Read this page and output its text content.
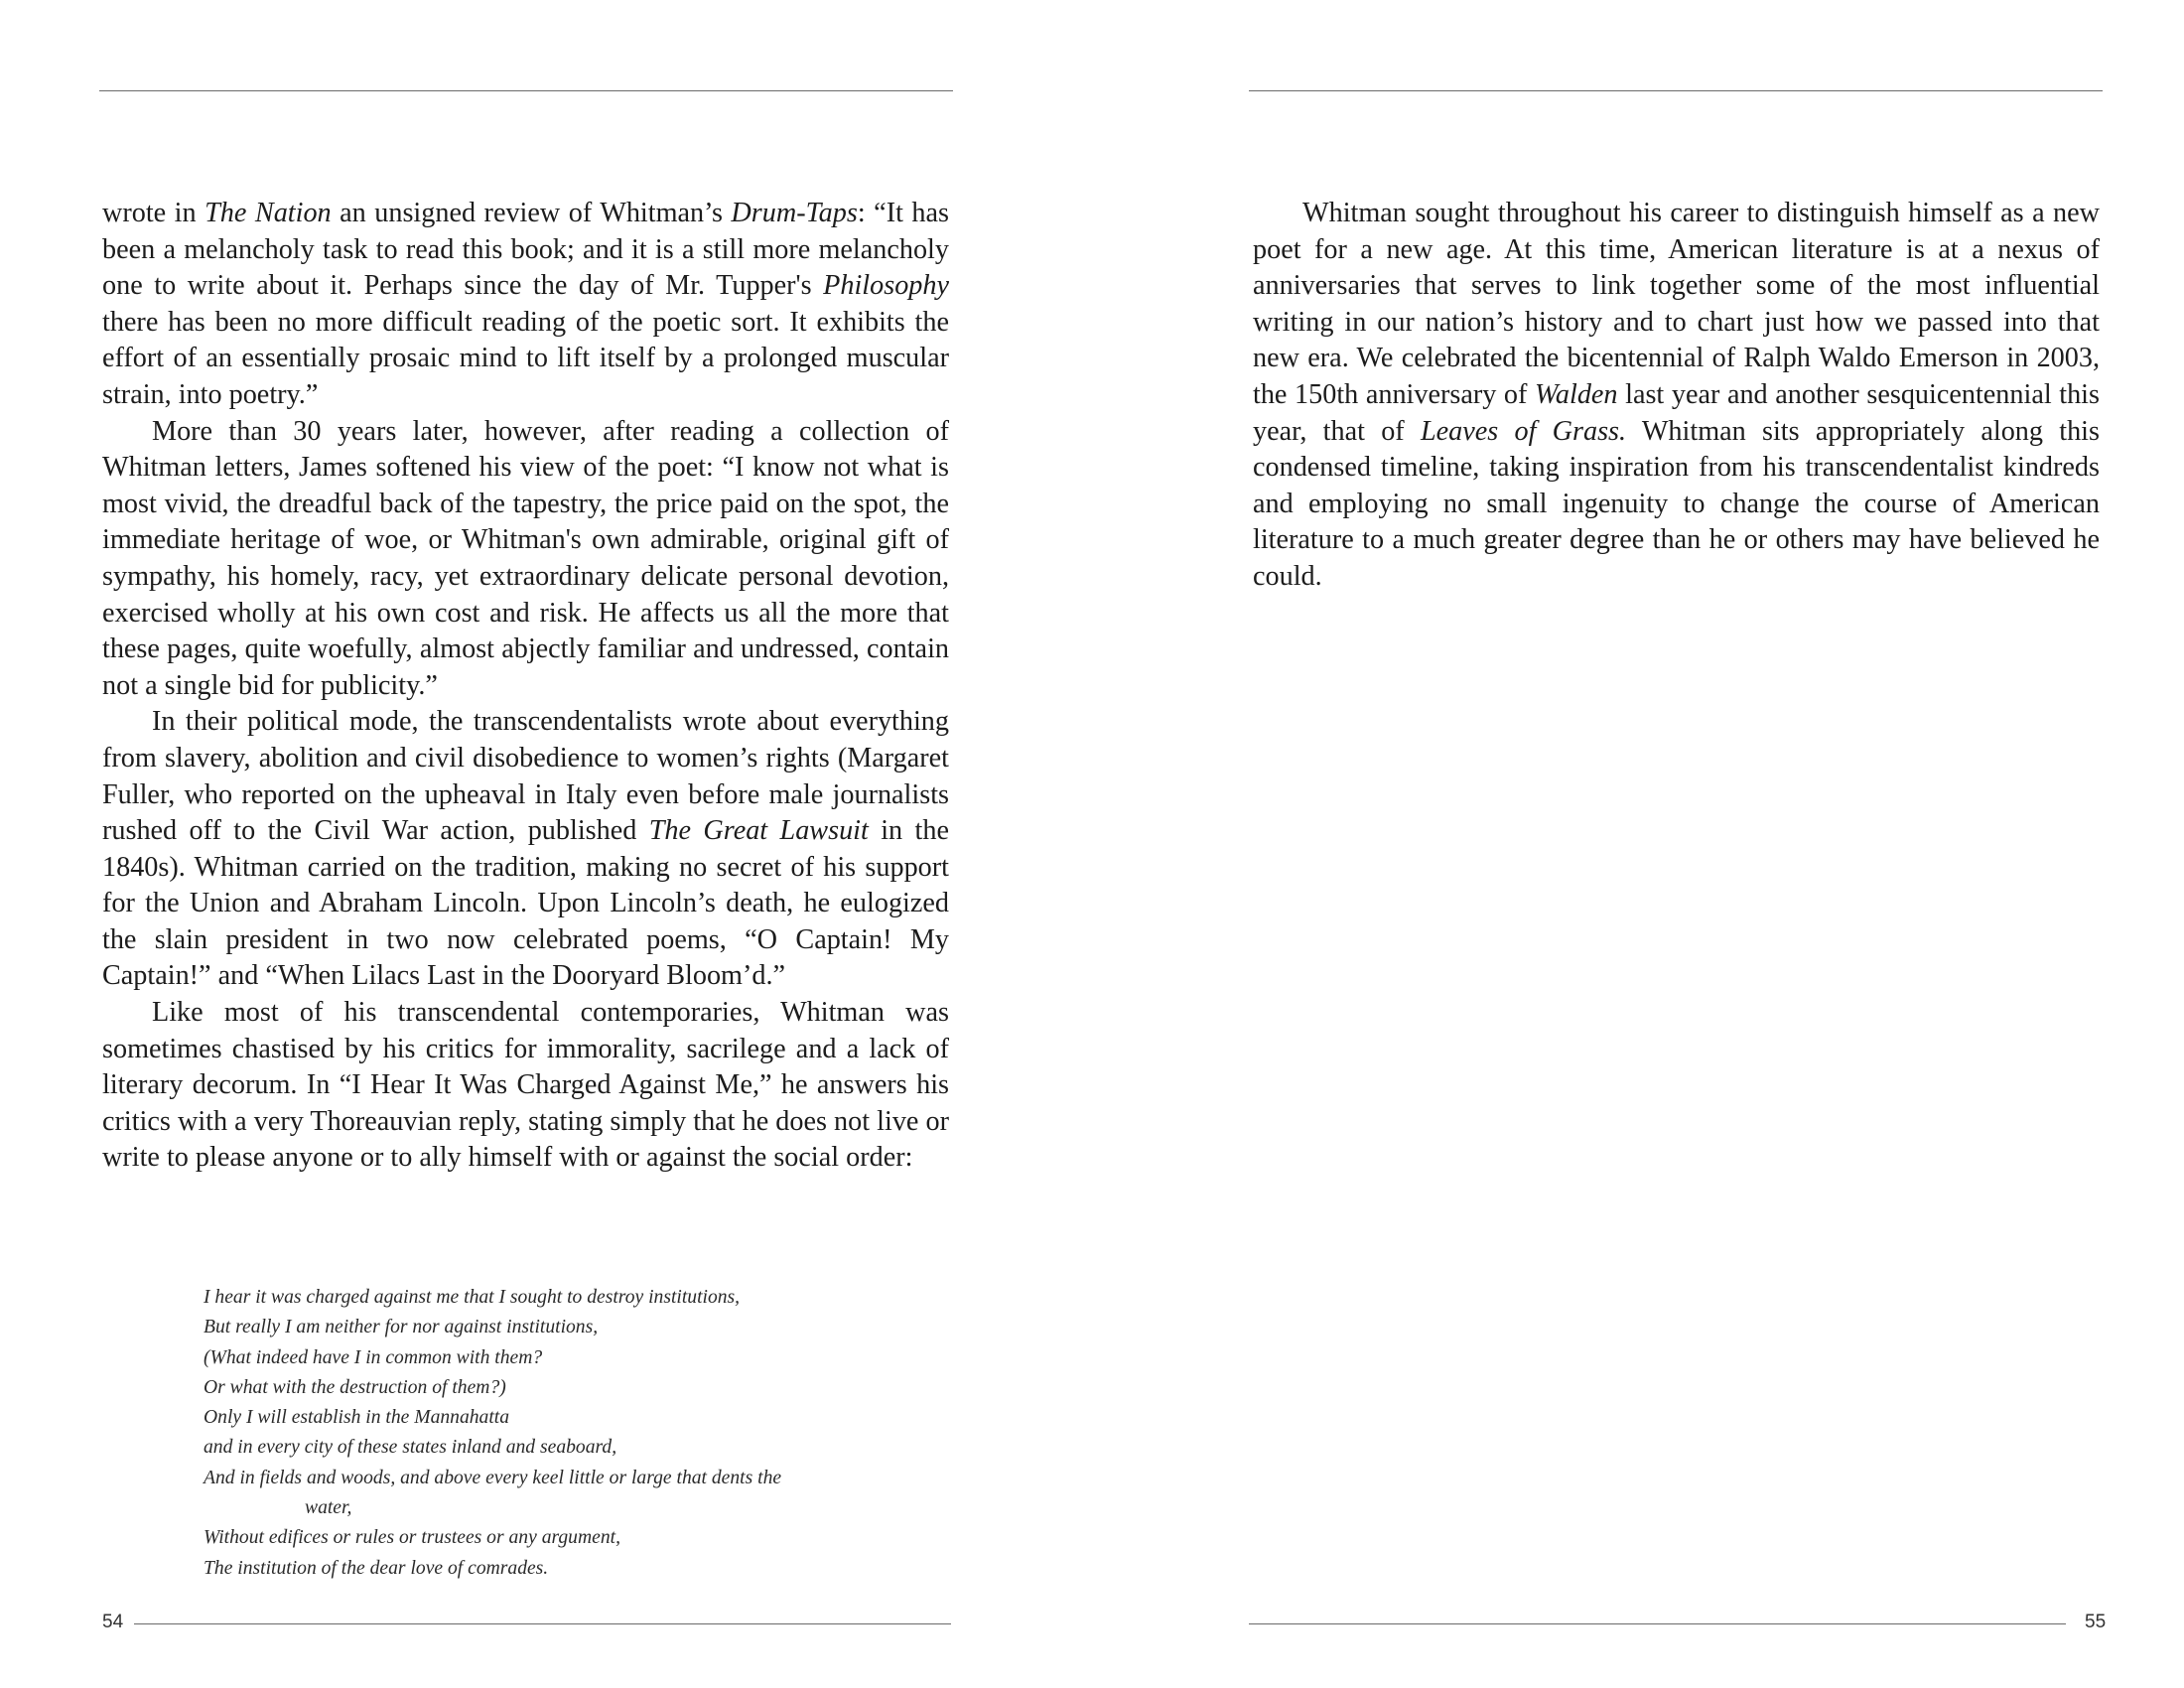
wrote in The Nation an unsigned review of Whitman’s Drum-Taps: “It has been a melancholy task to read this book; and it is a still more melancholy one to write about it. Perhaps since the day of Mr. Tupper's Philosophy there has been no more difficult reading of the poetic sort. It exhibits the effort of an essentially prosaic mind to lift itself by a prolonged muscular strain, into poetry.”

More than 30 years later, however, after reading a collection of Whitman letters, James softened his view of the poet: “I know not what is most vivid, the dreadful back of the tapestry, the price paid on the spot, the immediate heritage of woe, or Whitman's own admirable, original gift of sympathy, his homely, racy, yet extraordinary delicate personal devotion, exercised wholly at his own cost and risk. He affects us all the more that these pages, quite woefully, almost abjectly familiar and undressed, contain not a single bid for publicity.”

In their political mode, the transcendentalists wrote about everything from slavery, abolition and civil disobedience to women’s rights (Margaret Fuller, who reported on the upheaval in Italy even before male journalists rushed off to the Civil War action, published The Great Lawsuit in the 1840s). Whitman carried on the tradition, making no secret of his support for the Union and Abraham Lincoln. Upon Lincoln’s death, he eulogized the slain president in two now celebrated poems, “O Captain! My Captain!” and “When Lilacs Last in the Dooryard Bloom’d.”

Like most of his transcendental contemporaries, Whitman was sometimes chastised by his critics for immorality, sacrilege and a lack of literary decorum. In “I Hear It Was Charged Against Me,” he answers his critics with a very Thoreauvian reply, stating simply that he does not live or write to please anyone or to ally himself with or against the social order:

I hear it was charged against me that I sought to destroy institutions,
But really I am neither for nor against institutions,
(What indeed have I in common with them?
Or what with the destruction of them?)
Only I will establish in the Mannahatta
and in every city of these states inland and seaboard,
And in fields and woods, and above every keel little or large that dents the
water,
Without edifices or rules or trustees or any argument,
The institution of the dear love of comrades.
54

Whitman sought throughout his career to distinguish himself as a new poet for a new age. At this time, American literature is at a nexus of anniversaries that serves to link together some of the most influential writing in our nation’s history and to chart just how we passed into that new era. We celebrated the bicentennial of Ralph Waldo Emerson in 2003, the 150th anniversary of Walden last year and another sesquicentennial this year, that of Leaves of Grass. Whitman sits appropriately along this condensed timeline, taking inspiration from his transcendentalist kindreds and employing no small ingenuity to change the course of American literature to a much greater degree than he or others may have believed he could.

55
